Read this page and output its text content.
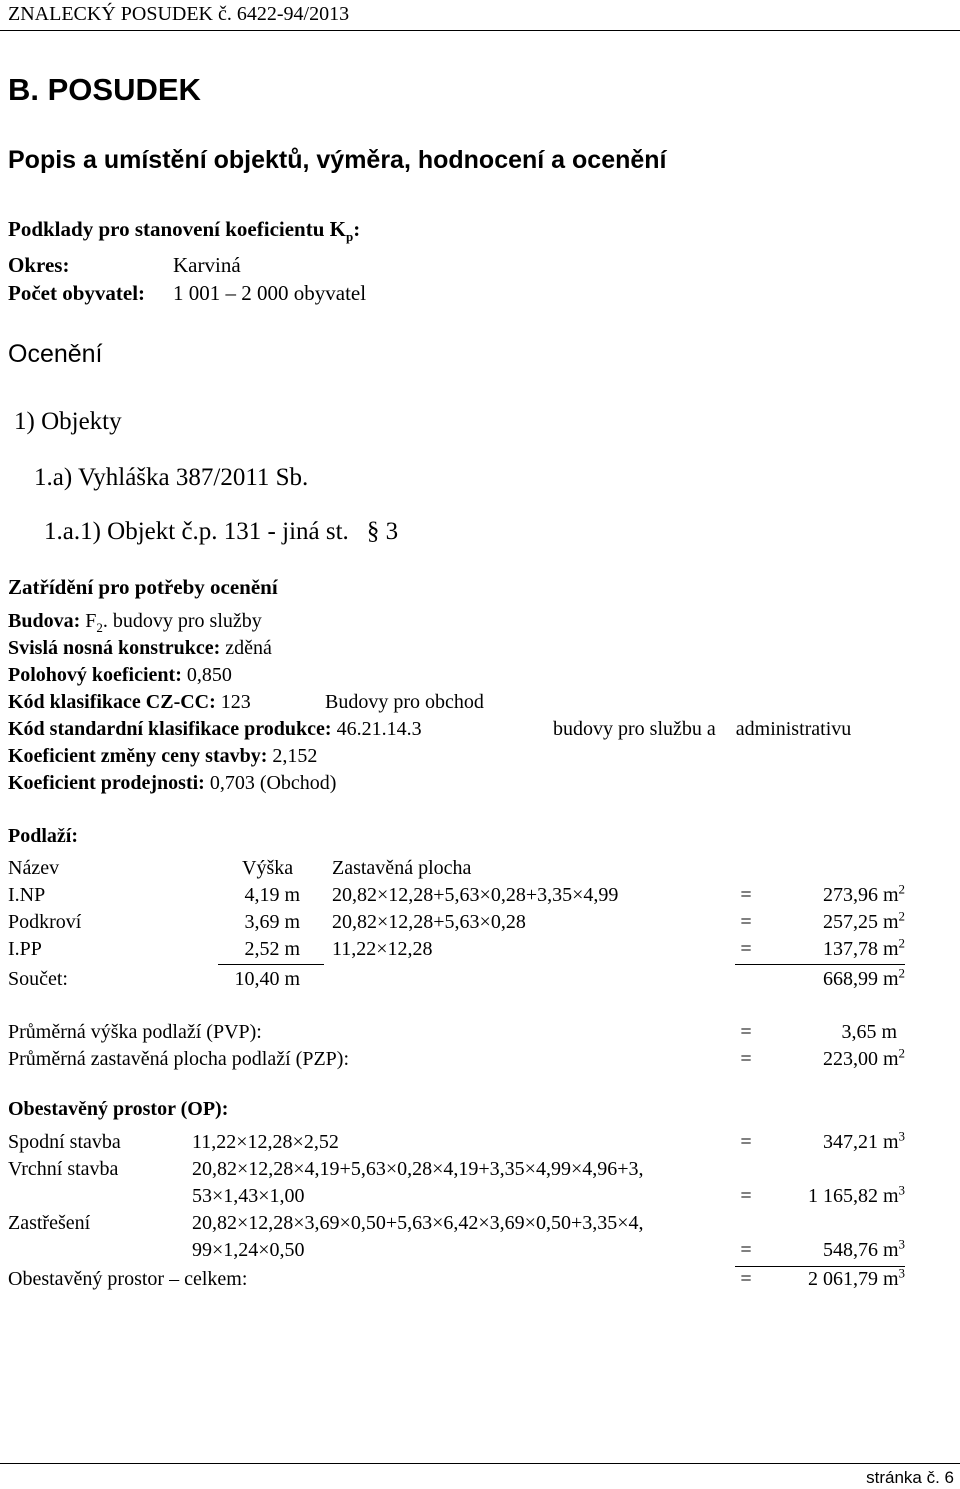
ZNALECKÝ POSUDEK č. 6422-94/2013
B. POSUDEK
Popis a umístění objektů, výměra, hodnocení a ocenění
Podklady pro stanovení koeficientu $K_p$:
Okres:	Karviná
Počet obyvatel: 1 001 – 2 000 obyvatel
Ocenění
1) Objekty
1.a) Vyhláška 387/2011 Sb.
1.a.1) Objekt č.p. 131 - jiná st. § 3
Zatřídění pro potřeby ocenění
Budova: $F_2$. budovy pro služby
Svislá nosná konstrukce: zděná
Polohový koeficient: 0,850
Kód klasifikace CZ-CC: 123	Budovy pro obchod
Kód standardní klasifikace produkce: 46.21.14.3	budovy pro službu a    administrativu
Koeficient změny ceny stavby: 2,152
Koeficient prodejnosti: 0,703 (Obchod)
Podlaží:
Název	Výška Zastavěná plocha
I.NP	4,19 m 20,82×12,28+5,63×0,28+3,35×4,99	=	273,96 $m^2$
Podkroví	3,69 m 20,82×12,28+5,63×0,28	=	257,25 $m^2$
I.PP	2,52 m 11,22×12,28	=	137,78 $m^2$
Součet:	10,40 m	668,99 $m^2$
Průměrná výška podlaží (PVP):	=	3,65 m
Průměrná zastavěná plocha podlaží (PZP):	=	223,00 $m^2$
Obestavěný prostor (OP):
Spodní stavba	11,22×12,28×2,52	=	347,21 $m^3$
Vrchní stavba	20,82×12,28×4,19+5,63×0,28×4,19+3,35×4,99×4,96+3,
53×1,43×1,00	=	1 165,82 $m^3$
Zastřešení	20,82×12,28×3,69×0,50+5,63×6,42×3,69×0,50+3,35×4,
99×1,24×0,50	=	548,76 $m^3$
Obestavěný prostor – celkem:	=	2 061,79 $m^3$
stránka č. 6
